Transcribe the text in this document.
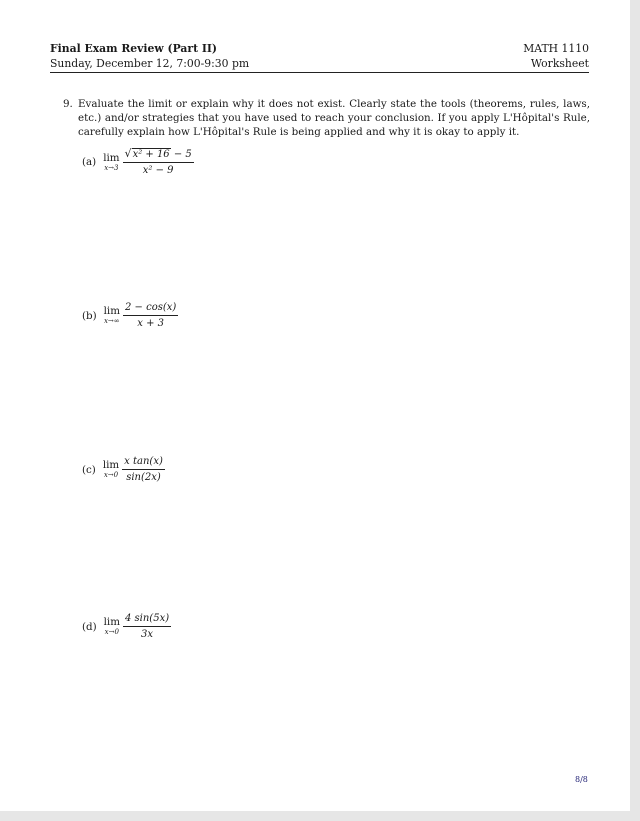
Final Exam Review (Part II)
Sunday, December 12, 7:00-9:30 pm
MATH 1110
Worksheet
9. Evaluate the limit or explain why it does not exist. Clearly state the tools (theorems, rules, laws, etc.) and/or strategies that you have used to reach your conclusion. If you apply L'Hôpital's Rule, carefully explain how L'Hôpital's Rule is being applied and why it is okay to apply it.
(a) lim
$x\to 3 \frac{\text{√x² + 16 − 5}}{\text{x² − 9}}$
(b) lim
$x\to\infty \frac{2 - \cos(x)}{x + 3}$
(c) lim
$x\to 0 \frac{\text{x tan(x)}}{\sin(2x)}$
(d) lim
$x\to 0 \frac{4 \sin(5x)}{3x}$
8/8
